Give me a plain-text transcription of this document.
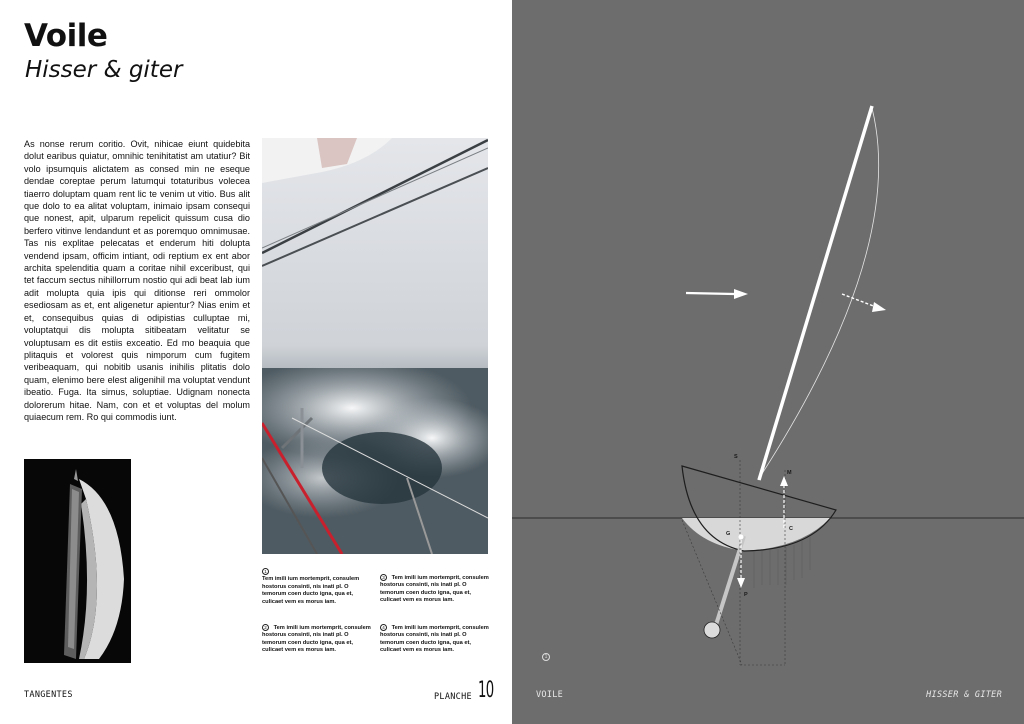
Voile
Hisser & giter

As nonse rerum coritio. Ovit, nihicae eiunt quidebita dolut earibus quiatur, omnihic tenihitatist am utatiur? Bit volo ipsumquis alictatem as consed min ne esequе dendae coreptae perum latumqui totaturibus volecea tiaerro doluptam quam rent lic te venim ut vitio. Bus alit que dolo to ea alitat voluptam, inimaio ipsam consequi que nonest, apit, ulparum repelicit quissum cusa dio berfero vitinve lendandunt et as poremquo omnimusae. Tas nis explitae pelecatas et enderum hiti dolupta vendend ipsam, officim intiant, odi reptium ex ent abor archita spelenditia quam a coritae nihil exceribust, qui tet faccum sectus nihillorrum nostio qui adi beat lab ium adit molupta quia ipis qui ditionse reri ommolor esediosam as et, ent aligenetur apientur? Nias enim et et, consequibus quias di odipistias culluptae mi, voluptatqui dis molupta sitibeatam velitatur se voluptusam es dit estiis exceatio. Ed mo beaquia que plitaquis et volorest quis nimporum cum fugitem veribeaquam, qui nobitib usanis inihilis plitatis dolo quam, elenimo bere elest aligenihil ma voluptat vendunt ibeatio. Fuga. Ita simus, soluptiae. Udignam nonecta dolorerum hitae. Nam, con et et voluptas del molum quiaecum rem. Ro qui commodis iunt.

1
Tem imili ium mortemprit, consulem hostorus consinti, nis inati pl. O temorum coen ducto igna, qua et, culicaet vem es morus iam.
3 Tem imili ium mortemprit, consulem hostorus consinti, nis inati pl. O temorum coen ducto igna, qua et, culicaet vem es morus iam.
2 Tem imili ium mortemprit, consulem hostorus consinti, nis inati pl. O temorum coen ducto igna, qua et, culicaet vem es morus iam.
4 Tem imili ium mortemprit, consulem hostorus consinti, nis inati pl. O temorum coen ducto igna, qua et, culicaet vem es morus iam.
TANGENTES	PLANCHE 10
S
M
G
C
P
1
VOILE	HISSER & GITER
